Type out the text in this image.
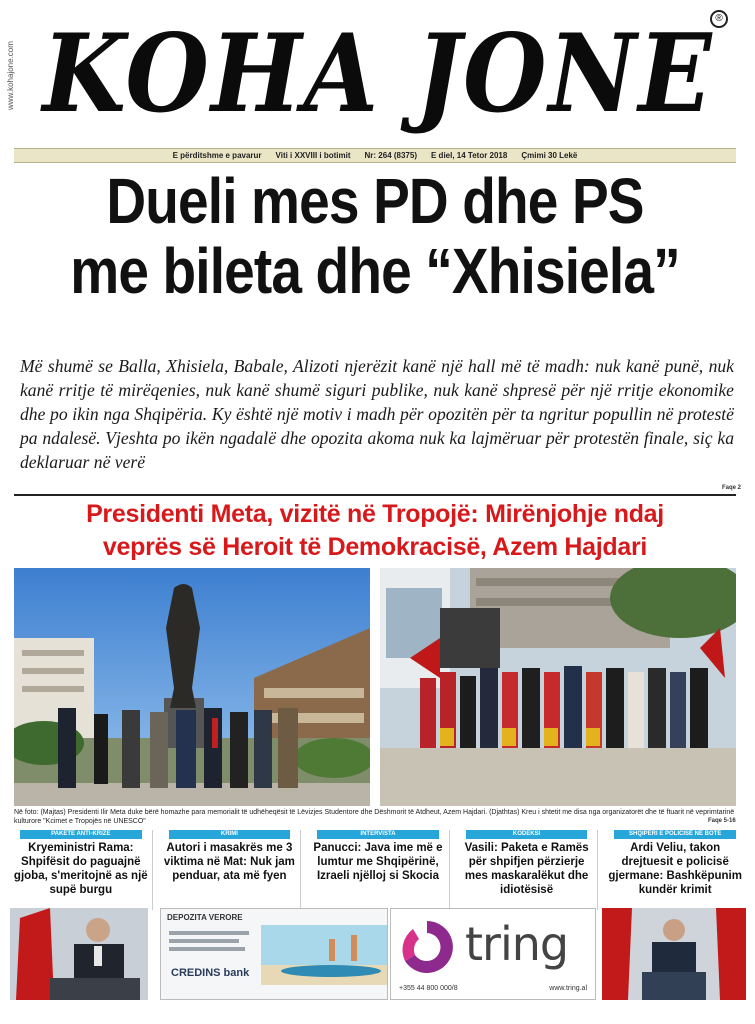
www.kohajone.com KOHA JONE ®
E përditshme e pavarur Viti i XXVIII i botimit Nr: 264 (8375) E diel, 14 Tetor 2018 Çmimi 30 Lekë
Dueli mes PD dhe PS
me bileta dhe “Xhisiela”

Më shumë se Balla, Xhisiela, Babale, Alizoti njerëzit kanë një hall më të madh: nuk kanë punë, nuk kanë rritje të mirëqenies, nuk kanë shumë siguri publike, nuk kanë shpresë për një rritje ekonomike dhe po ikin nga Shqipëria. Ky është një motiv i madh për opozitën për ta ngritur popullin në protestë pa ndalesë. Vjeshta po ikën ngadalë dhe opozita akoma nuk ka lajmëruar për protestën finale, siç ka deklaruar në verë

Faqe 2
Presidenti Meta, vizitë në Tropojë: Mirënjohje ndaj
veprës së Heroit të Demokracisë, Azem Hajdari

Në foto: (Majtas) Presidenti Ilir Meta duke bërë homazhe para memorialit të udhëheqësit të Lëvizjes Studentore dhe Dëshmorit të Atdheut, Azem Hajdari. (Djathtas) Kreu i shtetit me disa nga organizatorët dhe të ftuarit në veprimtarinë kulturore "Kcimet e Tropojës në UNESCO"	Faqe 5-16
PAKETE ANTI-KRIZE
Kryeministri Rama: Shpifësit do paguajnë gjoba, s'meritojnë as një supë burgu
KRIMI
Autori i masakrës me 3 viktima në Mat: Nuk jam penduar, ata më fyen
INTERVISTA
Panucci: Java ime më e lumtur me Shqipërinë, Izraeli njëlloj si Skocia
KODEKSI
Vasili: Paketa e Ramës për shpifjen përzierje mes maskaralëkut dhe idiotësisë
SHQIPËRI E POLICISË NË BOTË
Ardi Veliu, takon drejtuesit e policisë gjermane: Bashkëpunim kundër krimit
DEPOZITA VERORE
CREDINS bank
tring
+355 44 800 000/8	www.tring.al
